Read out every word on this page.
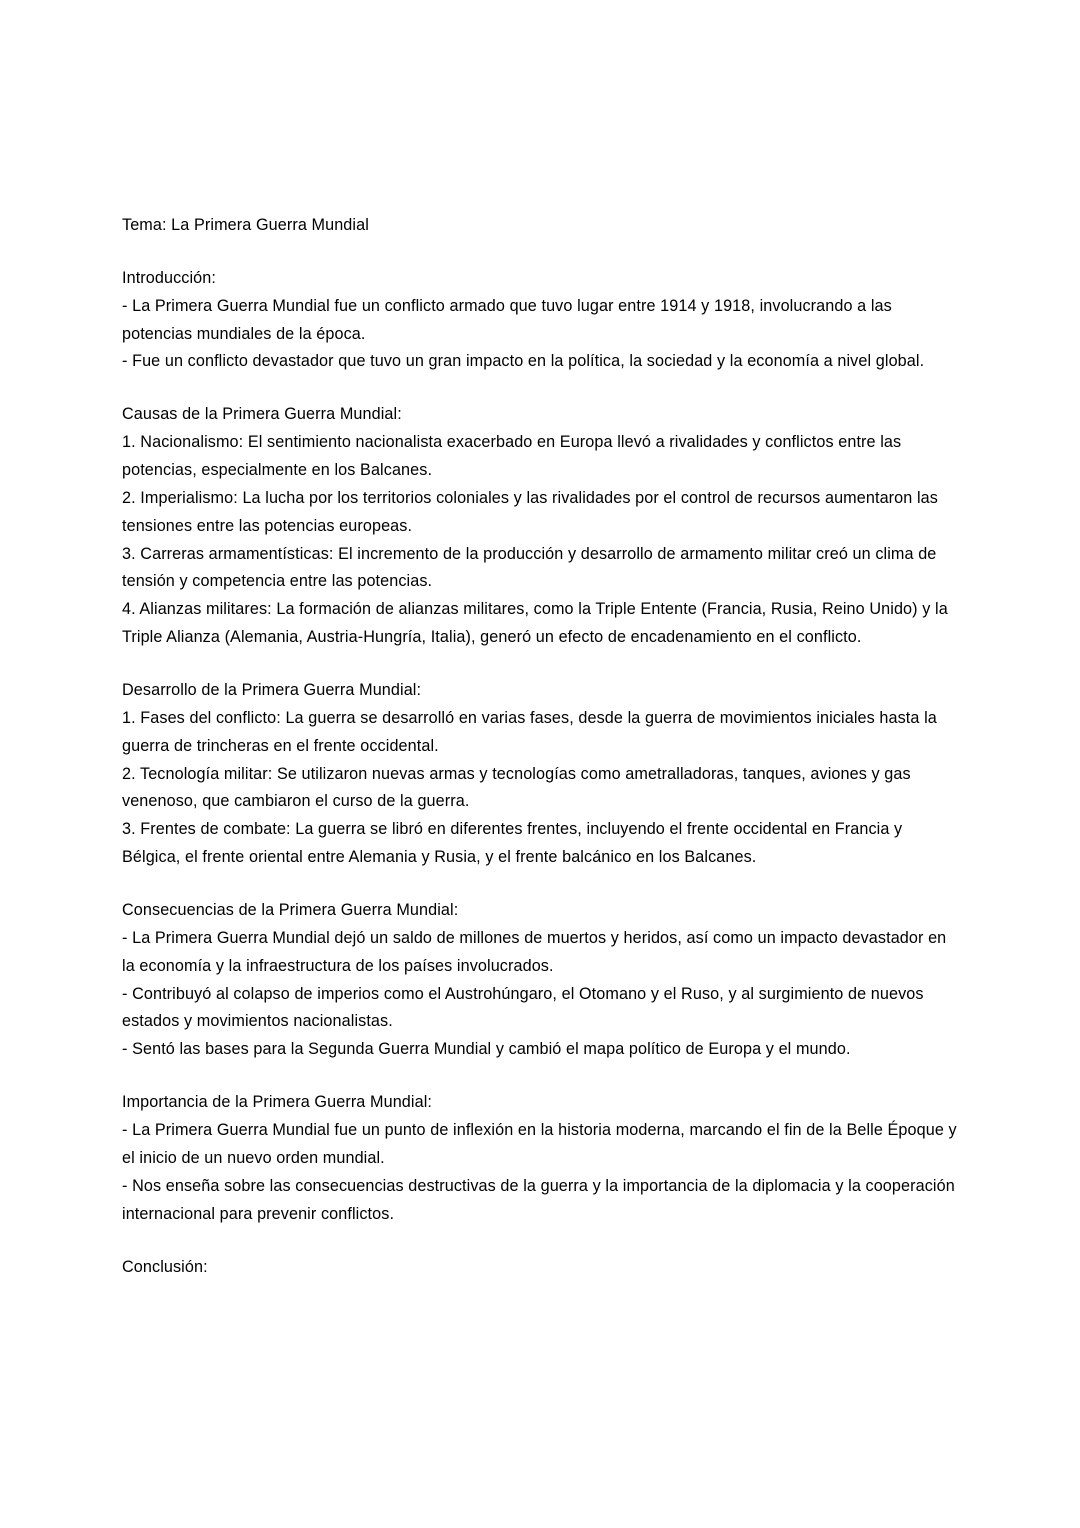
Tema: La Primera Guerra Mundial

Introducción:

- La Primera Guerra Mundial fue un conflicto armado que tuvo lugar entre 1914 y 1918, involucrando a las potencias mundiales de la época.

- Fue un conflicto devastador que tuvo un gran impacto en la política, la sociedad y la economía a nivel global.

Causas de la Primera Guerra Mundial:

1. Nacionalismo: El sentimiento nacionalista exacerbado en Europa llevó a rivalidades y conflictos entre las potencias, especialmente en los Balcanes.

2. Imperialismo: La lucha por los territorios coloniales y las rivalidades por el control de recursos aumentaron las tensiones entre las potencias europeas.

3. Carreras armamentísticas: El incremento de la producción y desarrollo de armamento militar creó un clima de tensión y competencia entre las potencias.

4. Alianzas militares: La formación de alianzas militares, como la Triple Entente (Francia, Rusia, Reino Unido) y la Triple Alianza (Alemania, Austria-Hungría, Italia), generó un efecto de encadenamiento en el conflicto.

Desarrollo de la Primera Guerra Mundial:

1. Fases del conflicto: La guerra se desarrolló en varias fases, desde la guerra de movimientos iniciales hasta la guerra de trincheras en el frente occidental.

2. Tecnología militar: Se utilizaron nuevas armas y tecnologías como ametralladoras, tanques, aviones y gas venenoso, que cambiaron el curso de la guerra.

3. Frentes de combate: La guerra se libró en diferentes frentes, incluyendo el frente occidental en Francia y Bélgica, el frente oriental entre Alemania y Rusia, y el frente balcánico en los Balcanes.

Consecuencias de la Primera Guerra Mundial:

- La Primera Guerra Mundial dejó un saldo de millones de muertos y heridos, así como un impacto devastador en la economía y la infraestructura de los países involucrados.

- Contribuyó al colapso de imperios como el Austrohúngaro, el Otomano y el Ruso, y al surgimiento de nuevos estados y movimientos nacionalistas.

- Sentó las bases para la Segunda Guerra Mundial y cambió el mapa político de Europa y el mundo.

Importancia de la Primera Guerra Mundial:

- La Primera Guerra Mundial fue un punto de inflexión en la historia moderna, marcando el fin de la Belle Époque y el inicio de un nuevo orden mundial.

- Nos enseña sobre las consecuencias destructivas de la guerra y la importancia de la diplomacia y la cooperación internacional para prevenir conflictos.

Conclusión:
